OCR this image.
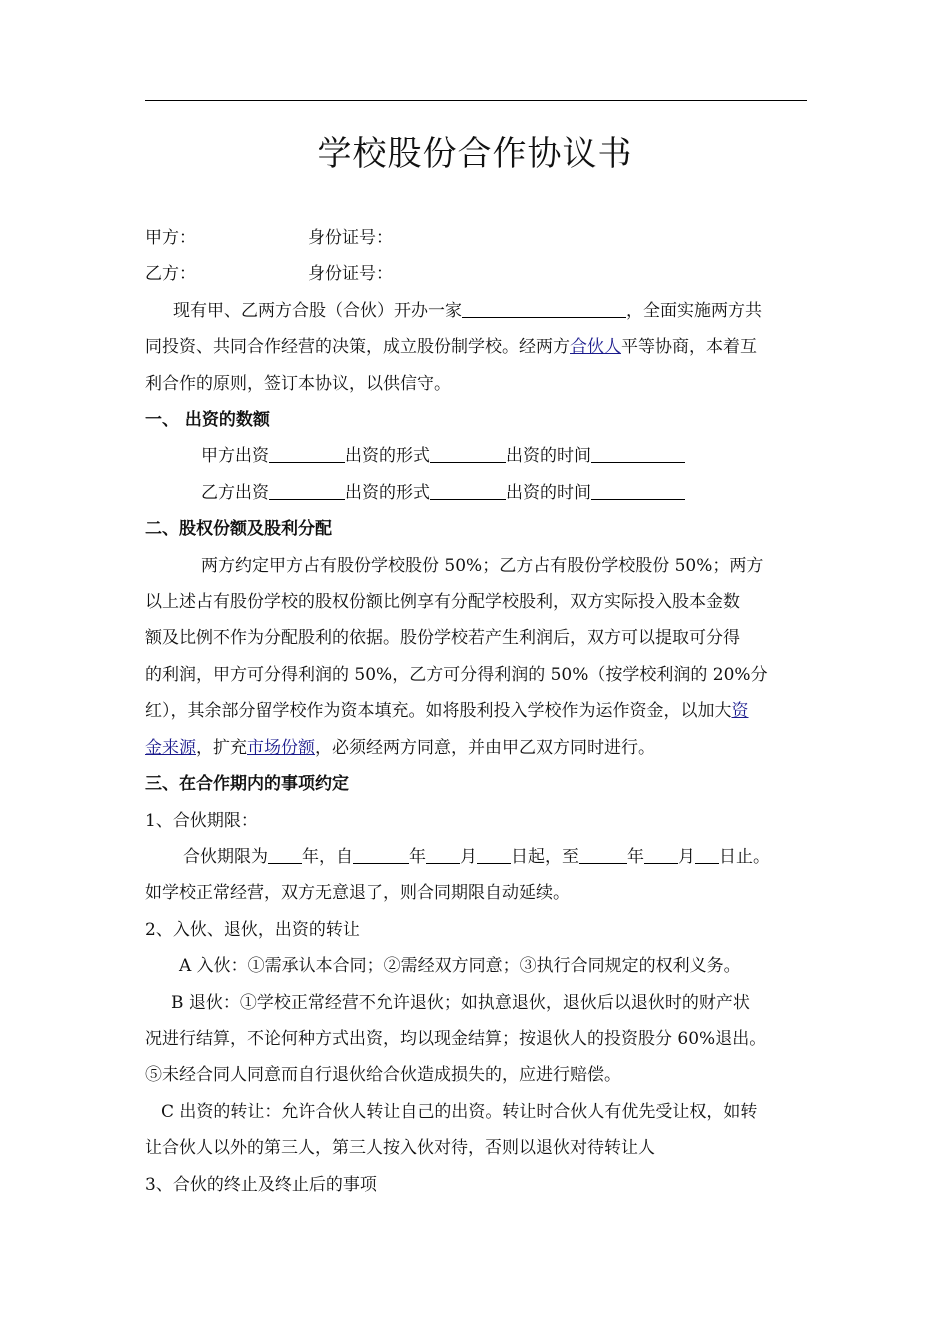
学校股份合作协议书
甲方：	身份证号：
乙方：	身份证号：
现有甲、乙两方合股（合伙）开办一家	，全面实施两方共
同投资、共同合作经营的决策，成立股份制学校。经两方合伙人平等协商，本着互
利合作的原则，签订本协议，以供信守。
一、 出资的数额
甲方出资	出资的形式	出资的时间
乙方出资	出资的形式	出资的时间
二、股权份额及股利分配
两方约定甲方占有股份学校股份 50%；乙方占有股份学校股份 50%；两方
以上述占有股份学校的股权份额比例享有分配学校股利，双方实际投入股本金数
额及比例不作为分配股利的依据。股份学校若产生利润后，双方可以提取可分得
的利润，甲方可分得利润的 50%，乙方可分得利润的 50%（按学校利润的 20%分
红），其余部分留学校作为资本填充。如将股利投入学校作为运作资金，以加大资
金来源，扩充市场份额，必须经两方同意，并由甲乙双方同时进行。
三、在合作期内的事项约定
1、合伙期限：
合伙期限为 年，自	年 月 日起，至	年 月 日止。
如学校正常经营，双方无意退了，则合同期限自动延续。
2、入伙、退伙，出资的转让
A 入伙：①需承认本合同；②需经双方同意；③执行合同规定的权利义务。
B 退伙：①学校正常经营不允许退伙；如执意退伙，退伙后以退伙时的财产状
况进行结算，不论何种方式出资，均以现金结算；按退伙人的投资股分 60%退出。
⑤未经合同人同意而自行退伙给合伙造成损失的，应进行赔偿。
C 出资的转让：允许合伙人转让自己的出资。转让时合伙人有优先受让权，如转
让合伙人以外的第三人，第三人按入伙对待，否则以退伙对待转让人
3、合伙的终止及终止后的事项
